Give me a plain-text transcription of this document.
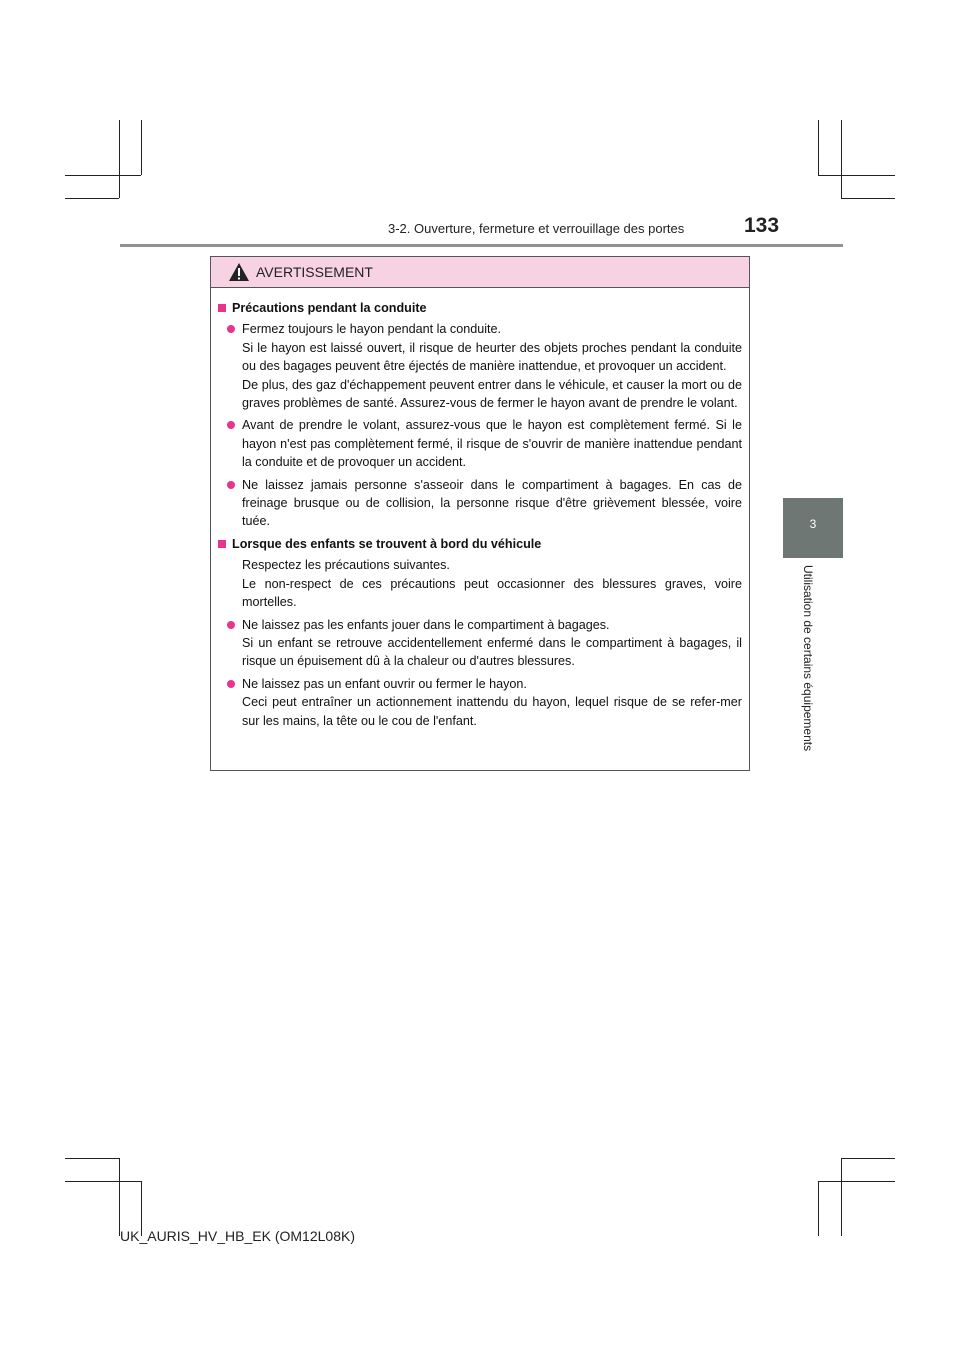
3-2. Ouverture, fermeture et verrouillage des portes	133
3
Utilisation de certains équipements
AVERTISSEMENT
Précautions pendant la conduite
Fermez toujours le hayon pendant la conduite.
Si le hayon est laissé ouvert, il risque de heurter des objets proches pendant la conduite ou des bagages peuvent être éjectés de manière inattendue, et provoquer un accident.
De plus, des gaz d'échappement peuvent entrer dans le véhicule, et causer la mort ou de graves problèmes de santé. Assurez-vous de fermer le hayon avant de prendre le volant.
Avant de prendre le volant, assurez-vous que le hayon est complètement fermé. Si le hayon n'est pas complètement fermé, il risque de s'ouvrir de manière inattendue pendant la conduite et de provoquer un accident.
Ne laissez jamais personne s'asseoir dans le compartiment à bagages. En cas de freinage brusque ou de collision, la personne risque d'être grièvement blessée, voire tuée.
Lorsque des enfants se trouvent à bord du véhicule
Respectez les précautions suivantes.
Le non-respect de ces précautions peut occasionner des blessures graves, voire mortelles.
Ne laissez pas les enfants jouer dans le compartiment à bagages.
Si un enfant se retrouve accidentellement enfermé dans le compartiment à bagages, il risque un épuisement dû à la chaleur ou d'autres blessures.
Ne laissez pas un enfant ouvrir ou fermer le hayon.
Ceci peut entraîner un actionnement inattendu du hayon, lequel risque de se refer-mer sur les mains, la tête ou le cou de l'enfant.
UK_AURIS_HV_HB_EK (OM12L08K)
